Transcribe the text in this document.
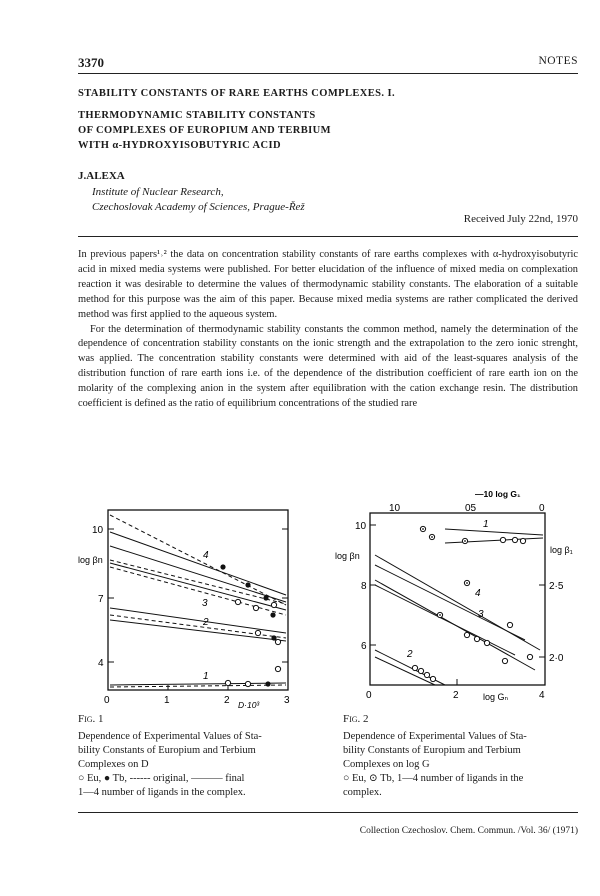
3370	NOTES
STABILITY CONSTANTS OF RARE EARTHS COMPLEXES. I.
THERMODYNAMIC STABILITY CONSTANTS
OF COMPLEXES OF EUROPIUM AND TERBIUM
WITH α-HYDROXYISOBUTYRIC ACID
J.ALEXA
Institute of Nuclear Research,
Czechoslovak Academy of Sciences, Prague-Řež
Received July 22nd, 1970

In previous papers¹˒² the data on concentration stability constants of rare earths complexes with α-hydroxyisobutyric acid in mixed media systems were published. For better elucidation of the influence of mixed media on complexation reaction it was desirable to determine the values of thermodynamic stability constants. The elaboration of a suitable method for this purpose was the aim of this paper. Because mixed media systems are rather complicated the derived method was first applied to the aqueous system.

For the determination of thermodynamic stability constants the common method, namely the determination of the dependence of concentration stability constants on the ionic strength and the extrapolation to the zero ionic strenght, was applied. The concentration stability constants were determined with aid of the least-squares analysis of the distribution function of rare earth ions i.e. of the dependence of the distribution coefficient of rare earth ion on the molarity of the complexing anion in the system after equilibration with the cation exchange resin. The distribution coefficient is defined as the ratio of equilibrium concentrations of the studied rare

10
7
4
log βn
0	1	2	3
D·10³
4
3
2
1
Fig. 1
Dependence of Experimental Values of Sta-
bility Constants of Europium and Terbium
Complexes on D
○ Eu, ● Tb, ------ original, ——— final
1—4 number of ligands in the complex.
—10 log G₁
10	05	0
10
8
6
log βn
2·5
2·0
log β₁
0	2	4
log Gₙ
1
2
3
4
Fig. 2
Dependence of Experimental Values of Sta-
bility Constants of Europium and Terbium
Complexes on log G
○ Eu, ⊙ Tb, 1—4 number of ligands in the
complex.
Collection Czechoslov. Chem. Commun. /Vol. 36/ (1971)
